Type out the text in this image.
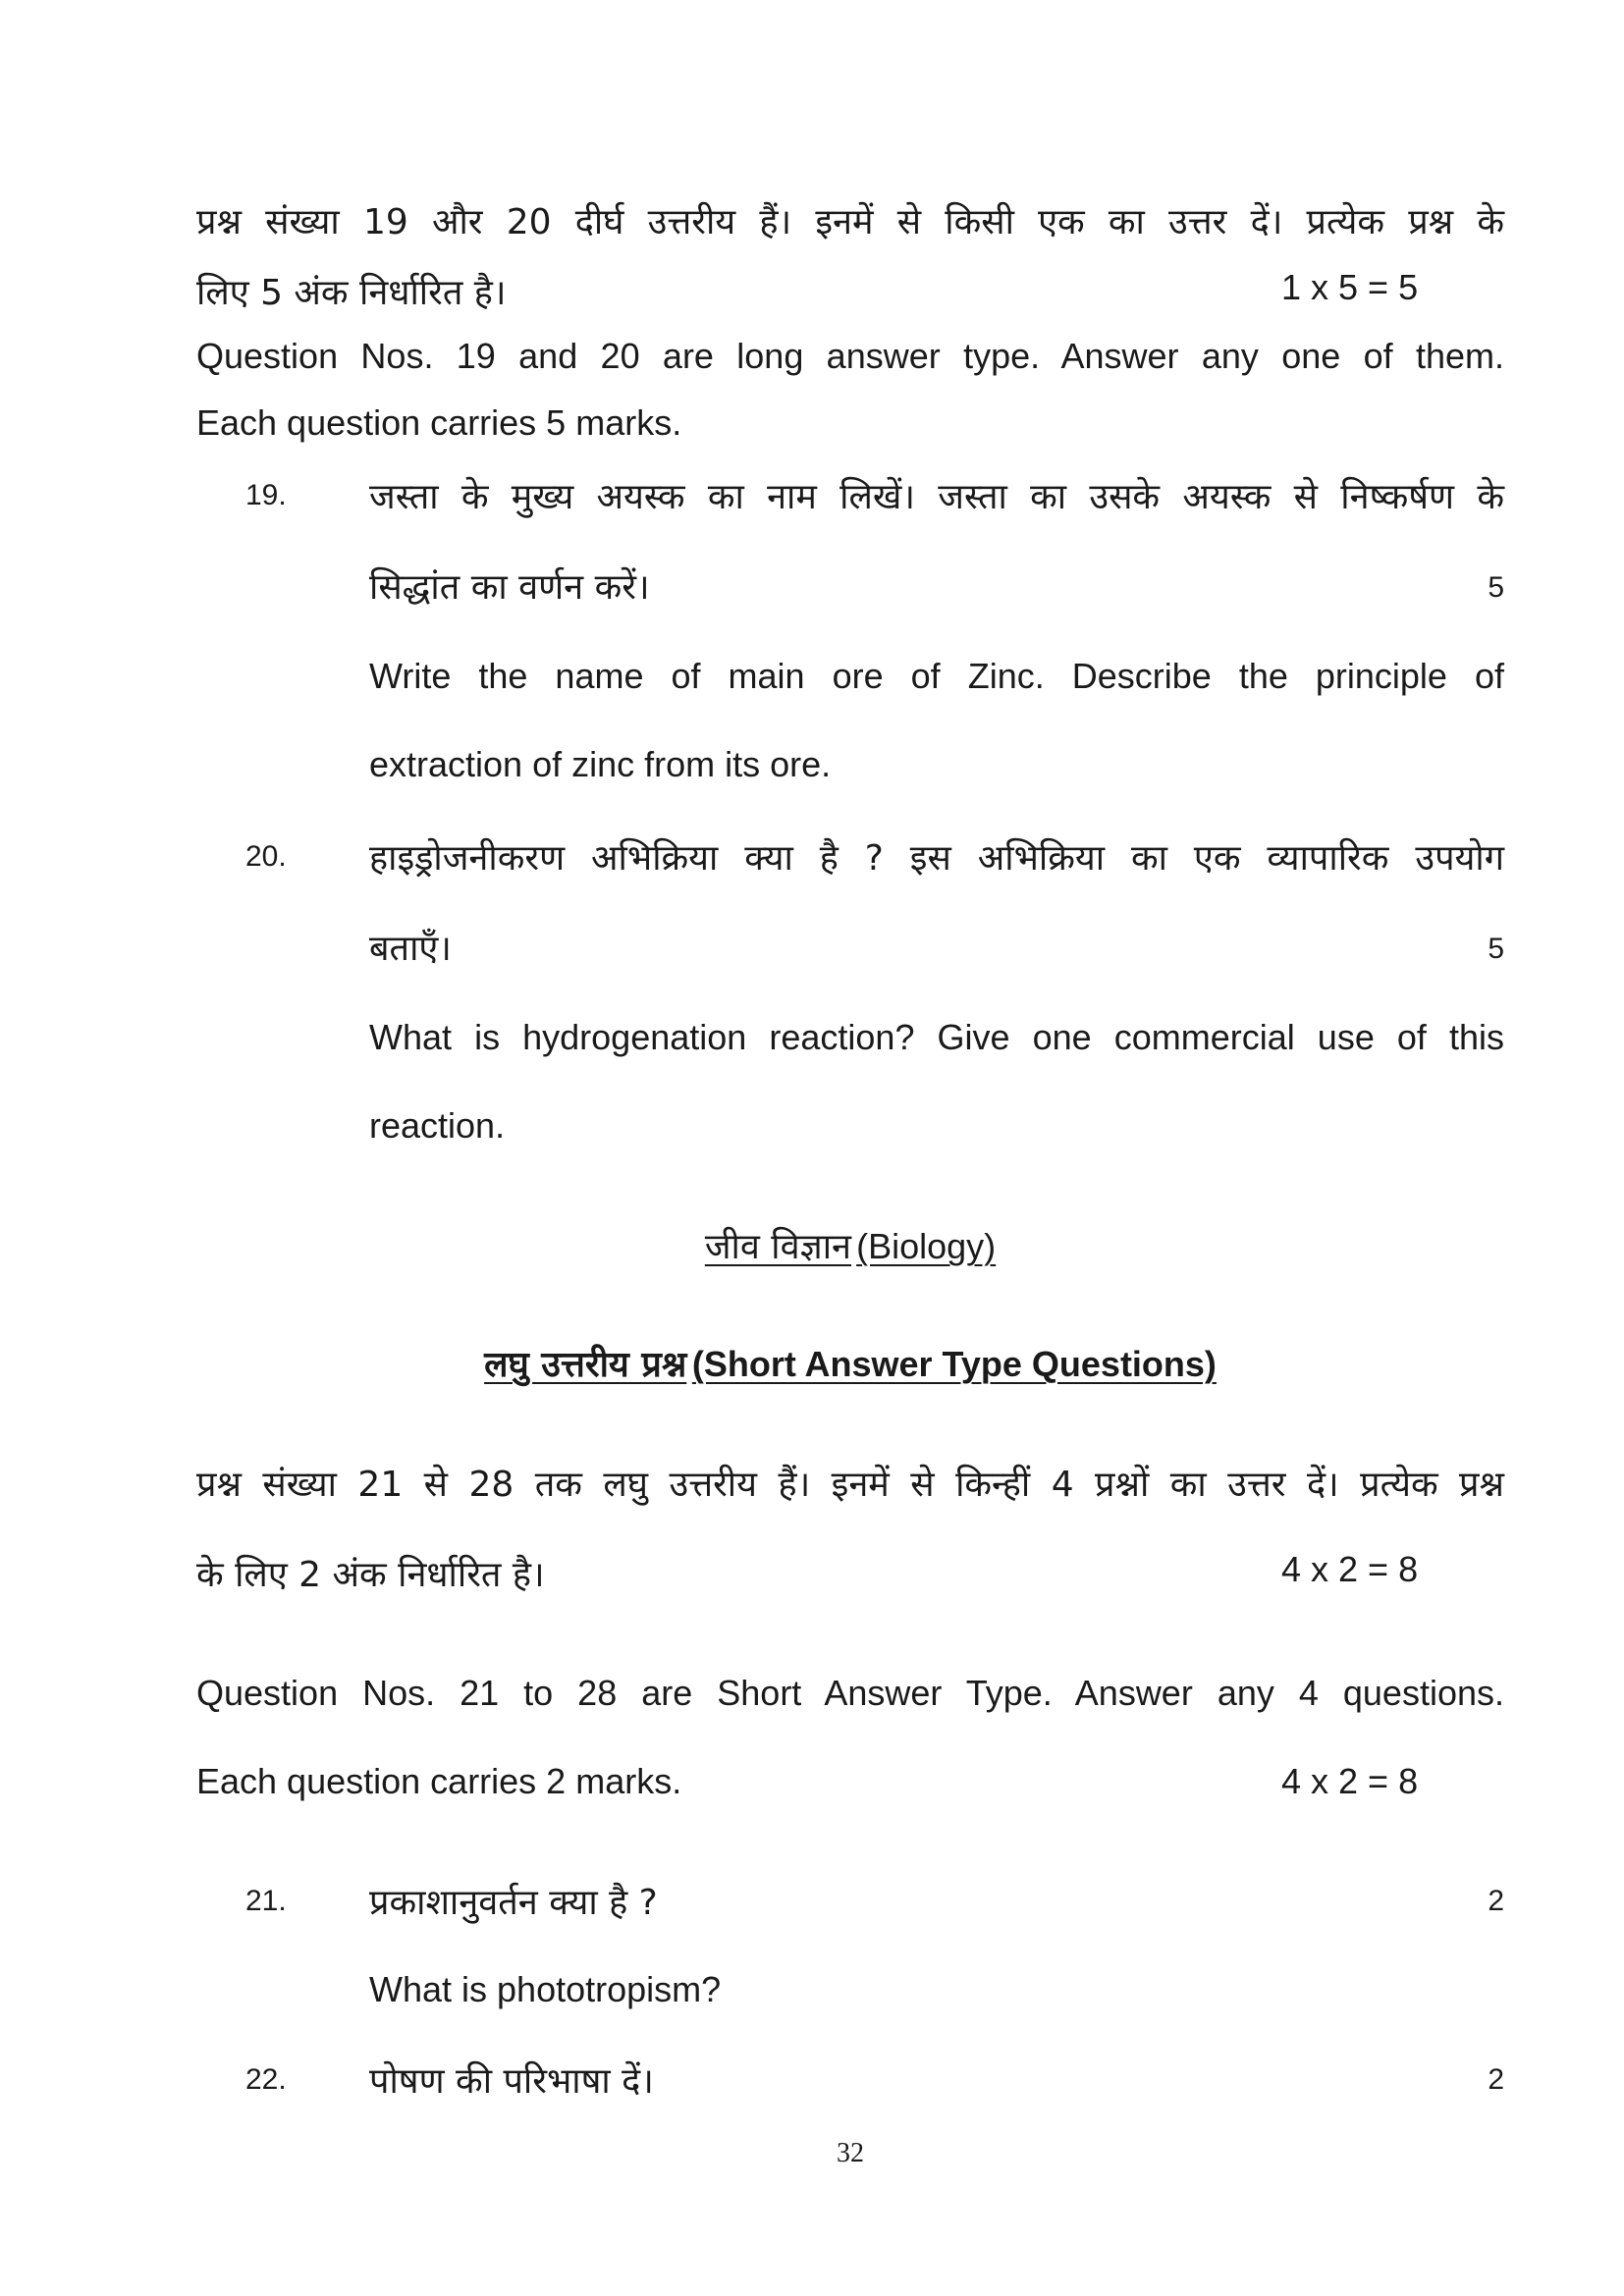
प्रश्न संख्या 19 और 20 दीर्घ उत्तरीय हैं। इनमें से किसी एक का उत्तर दें। प्रत्येक प्रश्न के
लिए 5 अंक निर्धारित है।	1 x 5 = 5
Question Nos. 19 and 20 are long answer type. Answer any one of them.
Each question carries 5 marks.
19. जस्ता के मुख्य अयस्क का नाम लिखें। जस्ता का उसके अयस्क से निष्कर्षण के
सिद्धांत का वर्णन करें।	5
Write the name of main ore of Zinc. Describe the principle of
extraction of zinc from its ore.
20. हाइड्रोजनीकरण अभिक्रिया क्या है ? इस अभिक्रिया का एक व्यापारिक उपयोग
बताएँ।	5
What is hydrogenation reaction? Give one commercial use of this
reaction.
जीव विज्ञान (Biology)
लघु उत्तरीय प्रश्न (Short Answer Type Questions)
प्रश्न संख्या 21 से 28 तक लघु उत्तरीय हैं। इनमें से किन्हीं 4 प्रश्नों का उत्तर दें। प्रत्येक प्रश्न
के लिए 2 अंक निर्धारित है।	4 x 2 = 8
Question Nos. 21 to 28 are Short Answer Type. Answer any 4 questions.
Each question carries 2 marks.	4 x 2 = 8
21. प्रकाशानुवर्तन क्या है ?	2
What is phototropism?
22. पोषण की परिभाषा दें।	2
32
